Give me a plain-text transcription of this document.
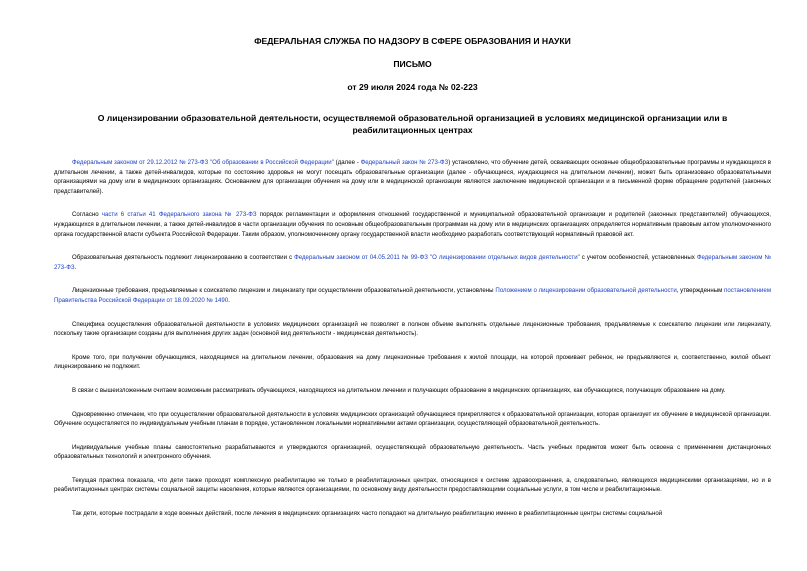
ФЕДЕРАЛЬНАЯ СЛУЖБА ПО НАДЗОРУ В СФЕРЕ ОБРАЗОВАНИЯ И НАУКИ
ПИСЬМО
от 29 июля 2024 года № 02-223
О лицензировании образовательной деятельности, осуществляемой образовательной организацией в условиях медицинской организации или в реабилитационных центрах

Федеральным законом от 29.12.2012 № 273-ФЗ "Об образовании в Российской Федерации" (далее - Федеральный закон № 273-ФЗ) установлено, что обучение детей, осваивающих основные общеобразовательные программы и нуждающихся в длительном лечении, а также детей-инвалидов, которые по состоянию здоровья не могут посещать образовательные организации (далее - обучающиеся, нуждающиеся на длительном лечении), может быть организовано образовательными организациями на дому или в медицинских организациях. Основанием для организации обучения на дому или в медицинской организации являются заключение медицинской организации и в письменной форме обращение родителей (законных представителей).

Согласно части 6 статьи 41 Федерального закона № 273-ФЗ порядок регламентации и оформления отношений государственной и муниципальной образовательной организации и родителей (законных представителей) обучающихся, нуждающихся в длительном лечении, а также детей-инвалидов в части организации обучения по основным общеобразовательным программам на дому или в медицинских организациях определяется нормативным правовым актом уполномоченного органа государственной власти субъекта Российской Федерации. Таким образом, уполномоченному органу государственной власти необходимо разработать соответствующий нормативный правовой акт.

Образовательная деятельность подлежит лицензированию в соответствии с Федеральным законом от 04.05.2011 № 99-ФЗ "О лицензировании отдельных видов деятельности" с учетом особенностей, установленных Федеральным законом № 273-ФЗ.

Лицензионные требования, предъявляемые к соискателю лицензии и лицензиату при осуществлении образовательной деятельности, установлены Положением о лицензировании образовательной деятельности, утвержденным постановлением Правительства Российской Федерации от 18.09.2020 № 1490.

Специфика осуществления образовательной деятельности в условиях медицинских организаций не позволяет в полном объеме выполнять отдельные лицензионные требования, предъявляемые к соискателю лицензии или лицензиату, поскольку такие организации созданы для выполнения других задач (основной вид деятельности - медицинская деятельность).

Кроме того, при получении обучающимся, находящимся на длительном лечении, образования на дому лицензионные требования к жилой площади, на которой проживает ребенок, не предъявляются и, соответственно, жилой объект лицензированию не подлежит.

В связи с вышеизложенным считаем возможным рассматривать обучающихся, находящихся на длительном лечении и получающих образование в медицинских организациях, как обучающихся, получающих образование на дому.

Одновременно отмечаем, что при осуществлении образовательной деятельности в условиях медицинских организаций обучающиеся прикрепляются к образовательной организации, которая организует их обучение в медицинской организации. Обучение осуществляется по индивидуальным учебным планам в порядке, установленном локальными нормативными актами организации, осуществляющей образовательной деятельность.

Индивидуальные учебные планы самостоятельно разрабатываются и утверждаются организацией, осуществляющей образовательную деятельность. Часть учебных предметов может быть освоена с применением дистанционных образовательных технологий и электронного обучения.

Текущая практика показала, что дети также проходят комплексную реабилитацию не только в реабилитационных центрах, относящихся к системе здравоохранения, а, следовательно, являющихся медицинскими организациями, но и в реабилитационных центрах системы социальной защиты населения, которые являются организациями, по основному виду деятельности предоставляющими социальные услуги, в том числе и реабилитационные.

Так дети, которые пострадали в ходе военных действий, после лечения в медицинских организациях часто попадают на длительную реабилитацию именно в реабилитационные центры системы социальной
